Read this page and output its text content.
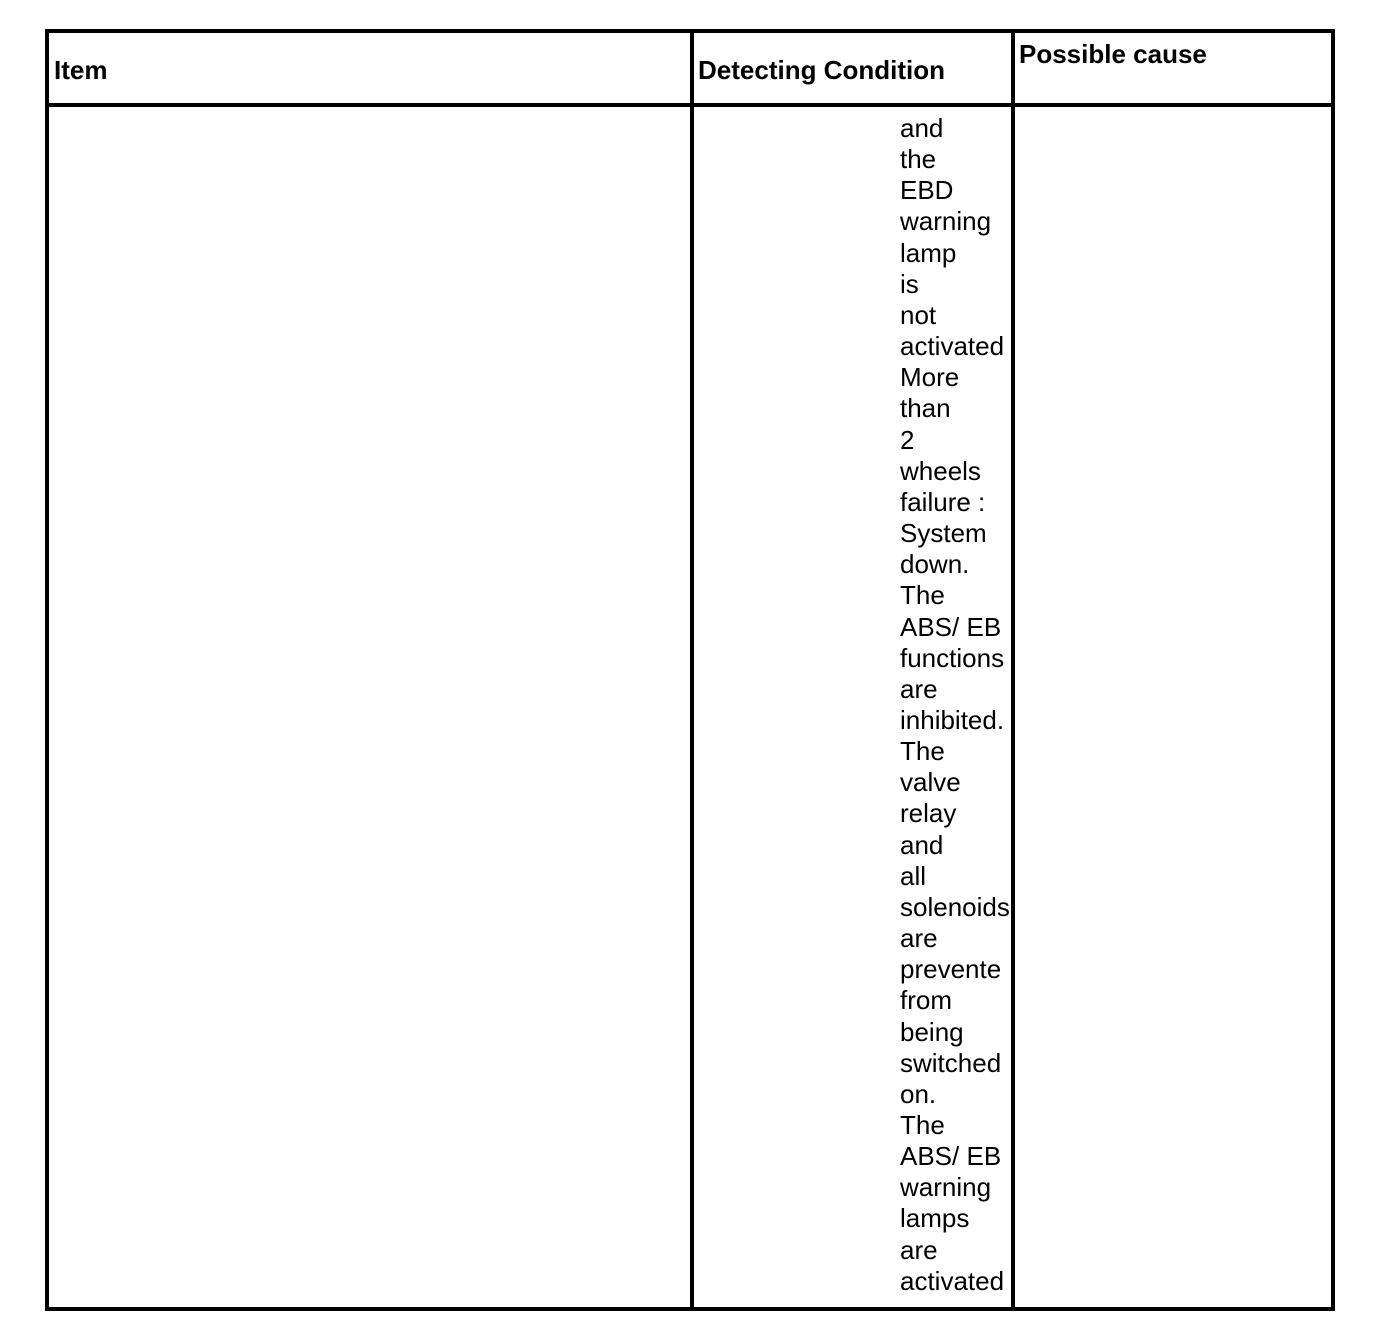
Item	Detecting Condition
Possible cause
and
the
EBD
warning
lamp
is
not
activated
More
than
2
wheels
failure :
System
down.
The
ABS/ EB
functions
are
inhibited.
The
valve
relay
and
all
solenoids
are
prevente
from
being
switched
on.
The
ABS/ EB
warning
lamps
are
activated
